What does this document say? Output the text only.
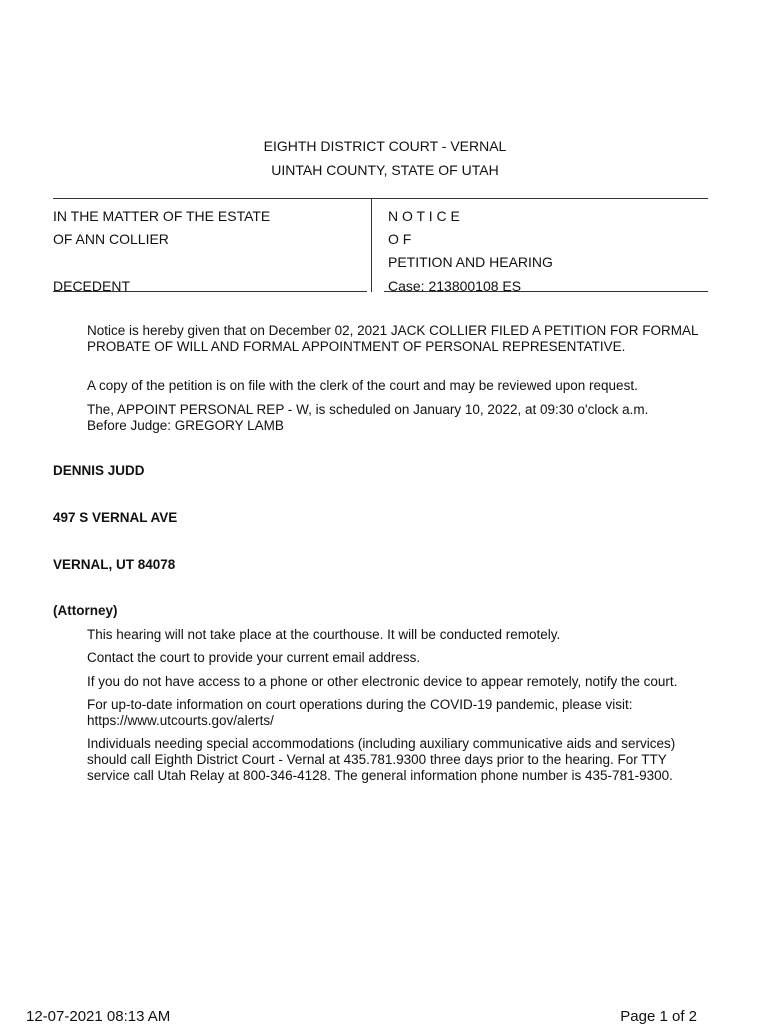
EIGHTH DISTRICT COURT - VERNAL
UINTAH COUNTY, STATE OF UTAH
IN THE MATTER OF THE ESTATE
OF ANN COLLIER
DECEDENT
N O T I C E
O F
PETITION AND HEARING
Case: 213800108 ES
Notice is hereby given that on December 02, 2021 JACK COLLIER FILED A PETITION FOR FORMAL PROBATE OF WILL AND FORMAL APPOINTMENT OF PERSONAL REPRESENTATIVE.
A copy of the petition is on file with the clerk of the court and may be reviewed upon request.
The, APPOINT PERSONAL REP - W, is scheduled on January 10, 2022, at 09:30 o'clock a.m.
Before Judge: GREGORY LAMB
DENNIS JUDD
497 S VERNAL AVE
VERNAL, UT 84078
(Attorney)
This hearing will not take place at the courthouse. It will be conducted remotely.
Contact the court to provide your current email address.
If you do not have access to a phone or other electronic device to appear remotely, notify the court.
For up-to-date information on court operations during the COVID-19 pandemic, please visit:
https://www.utcourts.gov/alerts/
Individuals needing special accommodations (including auxiliary communicative aids and services) should call Eighth District Court - Vernal at 435.781.9300 three days prior to the hearing. For TTY service call Utah Relay at 800-346-4128. The general information phone number is 435-781-9300.
12-07-2021 08:13 AM	Page 1 of 2
